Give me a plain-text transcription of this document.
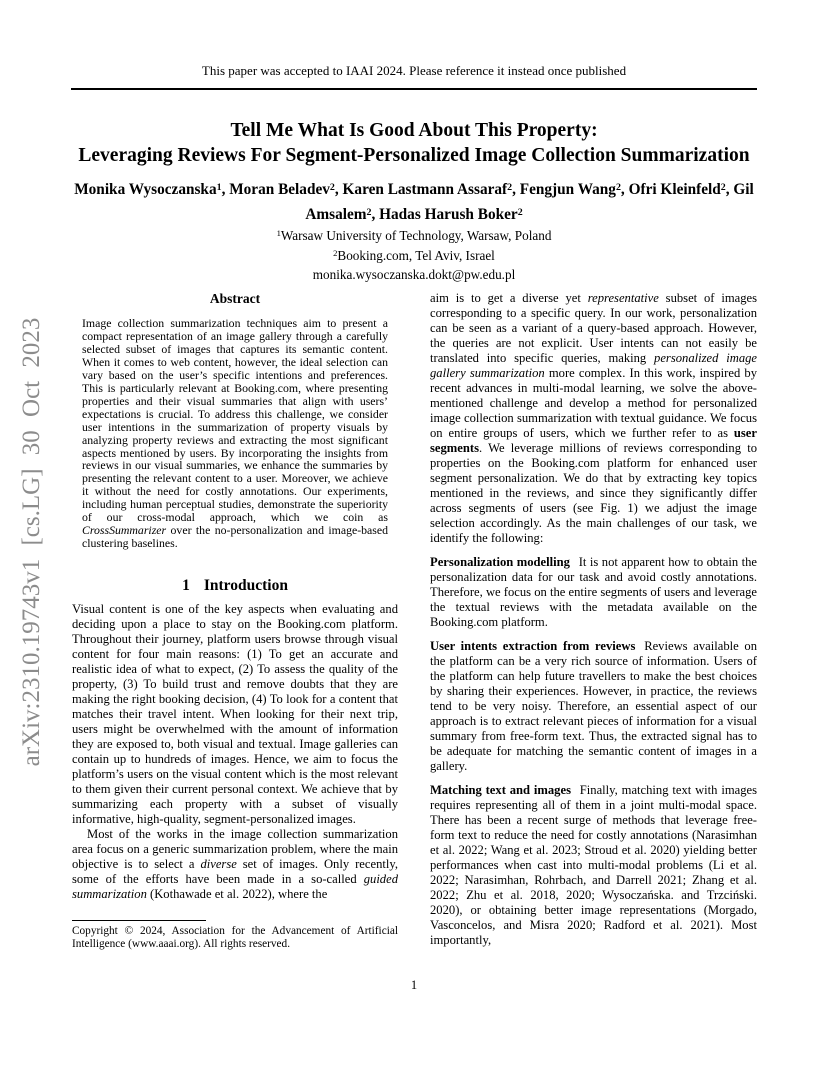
This paper was accepted to IAAI 2024. Please reference it instead once published
Tell Me What Is Good About This Property:
Leveraging Reviews For Segment-Personalized Image Collection Summarization
Monika Wysoczanska$^1$, Moran Beladev$^2$, Karen Lastmann Assaraf$^2$, Fengjun Wang$^2$, Ofri Kleinfeld$^2$, Gil Amsalem$^2$, Hadas Harush Boker$^2$
$^1$Warsaw University of Technology, Warsaw, Poland
$^2$Booking.com, Tel Aviv, Israel
monika.wysoczanska.dokt@pw.edu.pl
Abstract
Image collection summarization techniques aim to present a compact representation of an image gallery through a carefully selected subset of images that captures its semantic content. When it comes to web content, however, the ideal selection can vary based on the user’s specific intentions and preferences. This is particularly relevant at Booking.com, where presenting properties and their visual summaries that align with users’ expectations is crucial. To address this challenge, we consider user intentions in the summarization of property visuals by analyzing property reviews and extracting the most significant aspects mentioned by users. By incorporating the insights from reviews in our visual summaries, we enhance the summaries by presenting the relevant content to a user. Moreover, we achieve it without the need for costly annotations. Our experiments, including human perceptual studies, demonstrate the superiority of our cross-modal approach, which we coin as CrossSummarizer over the no-personalization and image-based clustering baselines.
1 Introduction

Visual content is one of the key aspects when evaluating and deciding upon a place to stay on the Booking.com platform. Throughout their journey, platform users browse through visual content for four main reasons: (1) To get an accurate and realistic idea of what to expect, (2) To assess the quality of the property, (3) To build trust and remove doubts that they are making the right booking decision, (4) To look for a content that matches their travel intent. When looking for their next trip, users might be overwhelmed with the amount of information they are exposed to, both visual and textual. Image galleries can contain up to hundreds of images. Hence, we aim to focus the platform’s users on the visual content which is the most relevant to them given their current personal context. We achieve that by summarizing each property with a subset of visually informative, high-quality, segment-personalized images.

Most of the works in the image collection summarization area focus on a generic summarization problem, where the main objective is to select a diverse set of images. Only recently, some of the efforts have been made in a so-called guided summarization (Kothawade et al. 2022), where the

Copyright © 2024, Association for the Advancement of Artificial Intelligence (www.aaai.org). All rights reserved.

aim is to get a diverse yet representative subset of images corresponding to a specific query. In our work, personalization can be seen as a variant of a query-based approach. However, the queries are not explicit. User intents can not easily be translated into specific queries, making personalized image gallery summarization more complex. In this work, inspired by recent advances in multi-modal learning, we solve the above-mentioned challenge and develop a method for personalized image collection summarization with textual guidance. We focus on entire groups of users, which we further refer to as user segments. We leverage millions of reviews corresponding to properties on the Booking.com platform for enhanced user segment personalization. We do that by extracting key topics mentioned in the reviews, and since they significantly differ across segments of users (see Fig. 1) we adjust the image selection accordingly. As the main challenges of our task, we identify the following:

Personalization modelling It is not apparent how to obtain the personalization data for our task and avoid costly annotations. Therefore, we focus on the entire segments of users and leverage the textual reviews with the metadata available on the Booking.com platform.

User intents extraction from reviews Reviews available on the platform can be a very rich source of information. Users of the platform can help future travellers to make the best choices by sharing their experiences. However, in practice, the reviews tend to be very noisy. Therefore, an essential aspect of our approach is to extract relevant pieces of information for a visual summary from free-form text. Thus, the extracted signal has to be adequate for matching the semantic content of images in a gallery.

Matching text and images Finally, matching text with images requires representing all of them in a joint multi-modal space. There has been a recent surge of methods that leverage free-form text to reduce the need for costly annotations (Narasimhan et al. 2022; Wang et al. 2023; Stroud et al. 2020) yielding better performances when cast into multi-modal problems (Li et al. 2022; Narasimhan, Rohrbach, and Darrell 2021; Zhang et al. 2022; Zhu et al. 2018, 2020; Wysoczańska. and Trzciński. 2020), or obtaining better image representations (Morgado, Vasconcelos, and Misra 2020; Radford et al. 2021). Most importantly,

arXiv:2310.19743v1 [cs.LG] 30 Oct 2023
1
